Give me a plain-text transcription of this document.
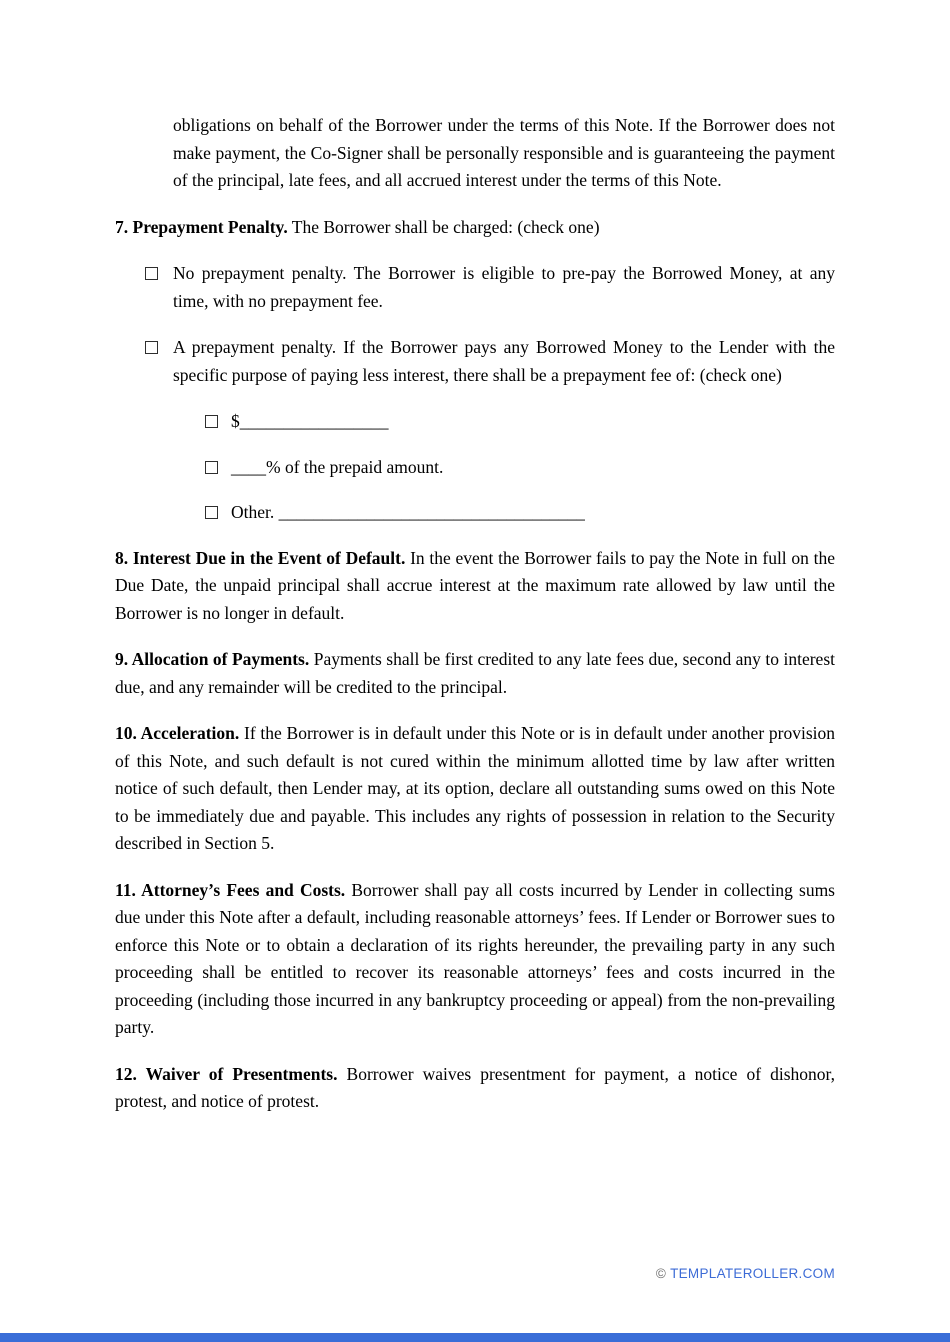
obligations on behalf of the Borrower under the terms of this Note. If the Borrower does not make payment, the Co-Signer shall be personally responsible and is guaranteeing the payment of the principal, late fees, and all accrued interest under the terms of this Note.

7. Prepayment Penalty. The Borrower shall be charged: (check one)

No prepayment penalty. The Borrower is eligible to pre-pay the Borrowed Money, at any time, with no prepayment fee.
A prepayment penalty. If the Borrower pays any Borrowed Money to the Lender with the specific purpose of paying less interest, there shall be a prepayment fee of: (check one)
$_________________
____% of the prepaid amount.
Other. ___________________________________

8. Interest Due in the Event of Default. In the event the Borrower fails to pay the Note in full on the Due Date, the unpaid principal shall accrue interest at the maximum rate allowed by law until the Borrower is no longer in default.

9. Allocation of Payments. Payments shall be first credited to any late fees due, second any to interest due, and any remainder will be credited to the principal.

10. Acceleration. If the Borrower is in default under this Note or is in default under another provision of this Note, and such default is not cured within the minimum allotted time by law after written notice of such default, then Lender may, at its option, declare all outstanding sums owed on this Note to be immediately due and payable. This includes any rights of possession in relation to the Security described in Section 5.

11. Attorney’s Fees and Costs. Borrower shall pay all costs incurred by Lender in collecting sums due under this Note after a default, including reasonable attorneys’ fees. If Lender or Borrower sues to enforce this Note or to obtain a declaration of its rights hereunder, the prevailing party in any such proceeding shall be entitled to recover its reasonable attorneys’ fees and costs incurred in the proceeding (including those incurred in any bankruptcy proceeding or appeal) from the non-prevailing party.

12. Waiver of Presentments. Borrower waives presentment for payment, a notice of dishonor, protest, and notice of protest.

© TEMPLATEROLLER.COM
